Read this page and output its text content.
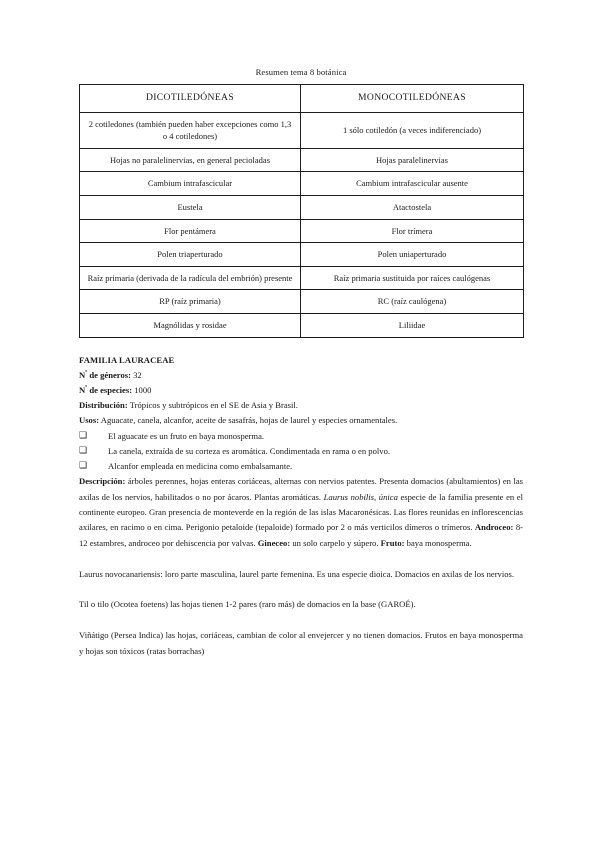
Resumen tema 8 botánica
DICOTILEDÓNEAS	MONOCOTILEDÓNEAS
2 cotiledones (también pueden haber excepciones como 1,3 o 4 cotiledones)	1 sólo cotiledón (a veces indiferenciado)
Hojas no paralelinervias, en general pecioladas	Hojas paralelinervias
Cambium intrafascicular	Cambium intrafascicular ausente
Eustela	Atactostela
Flor pentámera	Flor trímera
Polen triaperturado	Polen uniaperturado
Raíz primaria (derivada de la radícula del embrión) presente	Raíz primaria sustituida por raíces caulógenas
RP (raíz primaria)	RC (raíz caulógena)
Magnólidas y rosidae	Liliidae
FAMILIA LAURACEAE
$N^º$ de géneros: 32
$N^º$ de especies: 1000
Distribución: Trópicos y subtrópicos en el SE de Asia y Brasil.
Usos: Aguacate, canela, alcanfor, aceite de sasafrás, hojas de laurel y especies ornamentales.
❑ El aguacate es un fruto en baya monosperma.
❑ La canela, extraída de su corteza es aromática. Condimentada en rama o en polvo.
❑ Alcanfor empleada en medicina como embalsamante.

Descripción: árboles perennes, hojas enteras coriáceas, alternas con nervios patentes. Presenta domacios (abultamientos) en las axilas de los nervios, habilitados o no por ácaros. Plantas aromáticas. Laurus nobilis, única especie de la familia presente en el continente europeo. Gran presencia de monteverde en la región de las islas Macaronésicas. Las flores reunidas en inflorescencias axilares, en racimo o en cima. Perigonio petaloide (tepaloide) formado por 2 o más verticilos dímeros o trímeros. Androceo: 8-12 estambres, androceo por dehiscencia por valvas. Gineceo: un solo carpelo y súpero. Fruto: baya monosperma.

Laurus novocanariensis: loro parte masculina, laurel parte femenina. Es una especie dioica. Domacios en axilas de los nervios.

Til o tilo (Ocotea foetens) las hojas tienen 1-2 pares (raro más) de domacios en la base (GAROÉ).

Viñátigo (Persea Indica) las hojas, coriáceas, cambian de color al envejercer y no tienen domacios. Frutos en baya monosperma y hojas son tóxicos (ratas borrachas)
